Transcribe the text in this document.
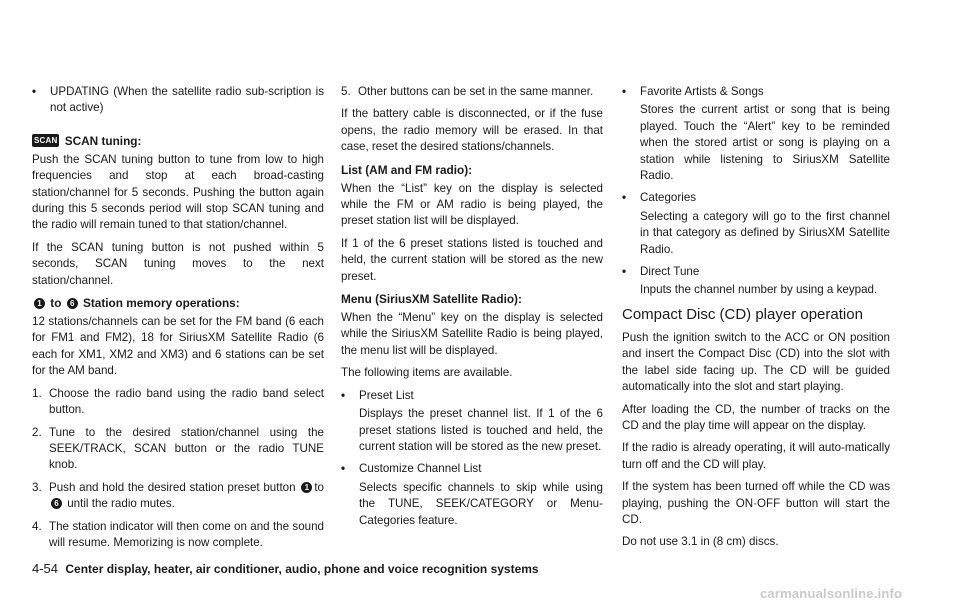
•	UPDATING (When the satellite radio sub-scription is not active)
SCAN SCAN tuning:

Push the SCAN tuning button to tune from low to high frequencies and stop at each broad-casting station/channel for 5 seconds. Pushing the button again during this 5 seconds period will stop SCAN tuning and the radio will remain tuned to that station/channel.

If the SCAN tuning button is not pushed within 5 seconds, SCAN tuning moves to the next station/channel.

1 to 6 Station memory operations:

12 stations/channels can be set for the FM band (6 each for FM1 and FM2), 18 for SiriusXM Satellite Radio (6 each for XM1, XM2 and XM3) and 6 stations can be set for the AM band.

1. Choose the radio band using the radio band select button.
2. Tune to the desired station/channel using the SEEK/TRACK, SCAN button or the radio TUNE knob.
3. Push and hold the desired station preset button 1 to 6 until the radio mutes.
4. The station indicator will then come on and the sound will resume. Memorizing is now complete.
5. Other buttons can be set in the same manner.

If the battery cable is disconnected, or if the fuse opens, the radio memory will be erased. In that case, reset the desired stations/channels.

List (AM and FM radio):

When the “List” key on the display is selected while the FM or AM radio is being played, the preset station list will be displayed.

If 1 of the 6 preset stations listed is touched and held, the current station will be stored as the new preset.

Menu (SiriusXM Satellite Radio):

When the “Menu” key on the display is selected while the SiriusXM Satellite Radio is being played, the menu list will be displayed.

The following items are available.

•	Preset List

Displays the preset channel list. If 1 of the 6 preset stations listed is touched and held, the current station will be stored as the new preset.

•	Customize Channel List

Selects specific channels to skip while using the TUNE, SEEK/CATEGORY or Menu-Categories feature.

•	Favorite Artists & Songs

Stores the current artist or song that is being played. Touch the “Alert” key to be reminded when the stored artist or song is playing on a station while listening to SiriusXM Satellite Radio.

•	Categories

Selecting a category will go to the first channel in that category as defined by SiriusXM Satellite Radio.

•	Direct Tune

Inputs the channel number by using a keypad.

Compact Disc (CD) player operation

Push the ignition switch to the ACC or ON position and insert the Compact Disc (CD) into the slot with the label side facing up. The CD will be guided automatically into the slot and start playing.

After loading the CD, the number of tracks on the CD and the play time will appear on the display.

If the radio is already operating, it will auto-matically turn off and the CD will play.

If the system has been turned off while the CD was playing, pushing the ON·OFF button will start the CD.

Do not use 3.1 in (8 cm) discs.

4-54 Center display, heater, air conditioner, audio, phone and voice recognition systems
carmanualsonline.info
